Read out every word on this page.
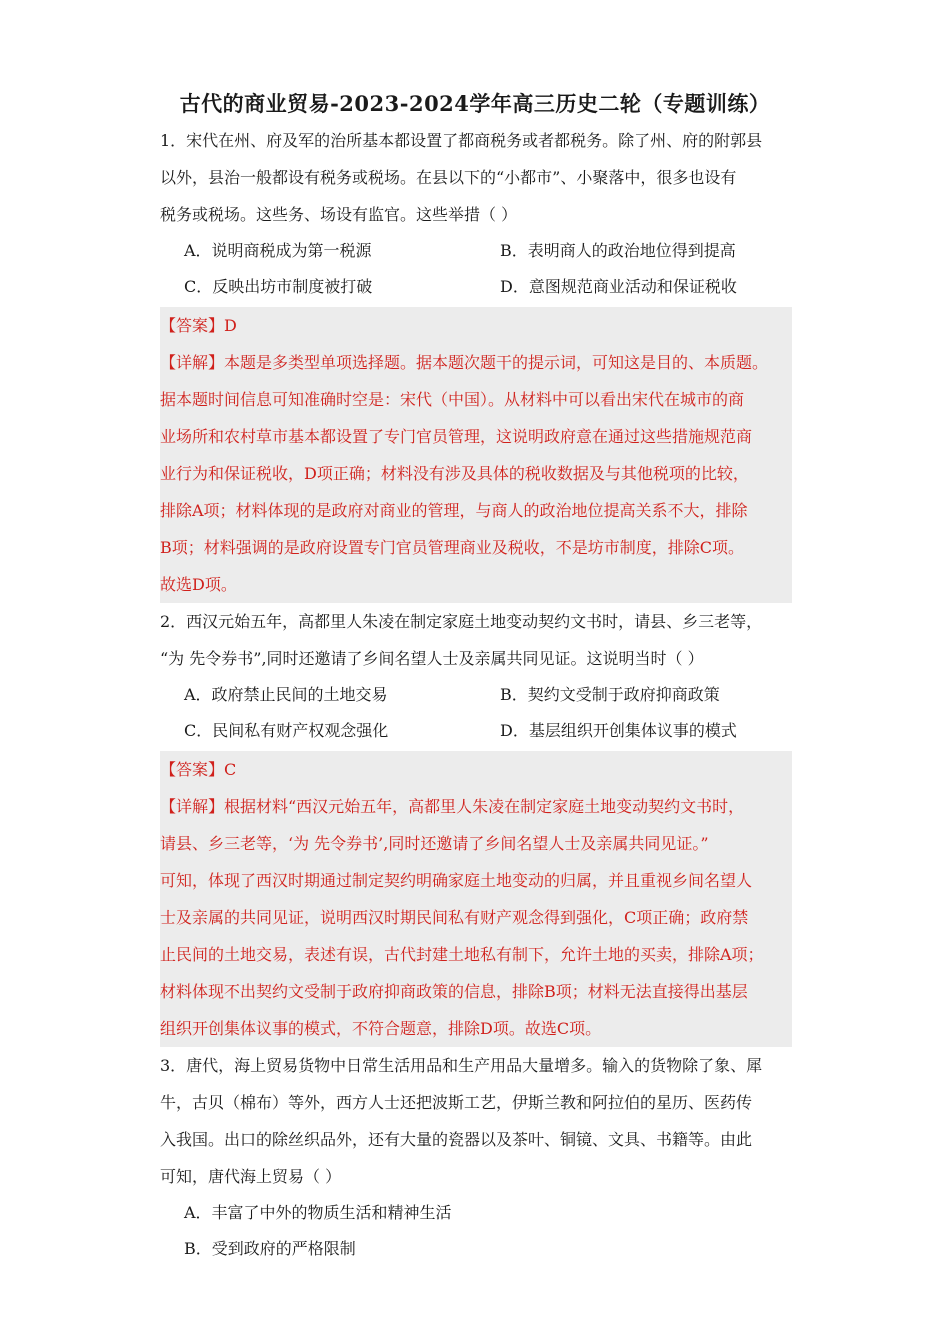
古代的商业贸易-2023-2024学年高三历史二轮（专题训练）
1．宋代在州、府及军的治所基本都设置了都商税务或者都税务。除了州、府的附郭县
以外，县治一般都设有税务或税场。在县以下的“小都市”、小聚落中，很多也设有
税务或税场。这些务、场设有监官。这些举措（ ）
A．说明商税成为第一税源	B．表明商人的政治地位得到提高
C．反映出坊市制度被打破	D．意图规范商业活动和保证税收
【答案】D
【详解】本题是多类型单项选择题。据本题次题干的提示词，可知这是目的、本质题。
据本题时间信息可知准确时空是：宋代（中国）。从材料中可以看出宋代在城市的商
业场所和农村草市基本都设置了专门官员管理，这说明政府意在通过这些措施规范商
业行为和保证税收，D项正确；材料没有涉及具体的税收数据及与其他税项的比较，
排除A项；材料体现的是政府对商业的管理，与商人的政治地位提高关系不大，排除
B项；材料强调的是政府设置专门官员管理商业及税收，不是坊市制度，排除C项。
故选D项。
2．西汉元始五年，高都里人朱凌在制定家庭土地变动契约文书时，请县、乡三老等，
“为 先令券书”,同时还邀请了乡间名望人士及亲属共同见证。这说明当时（ ）
A．政府禁止民间的土地交易	B．契约文受制于政府抑商政策
C．民间私有财产权观念强化	D．基层组织开创集体议事的模式
【答案】C
【详解】根据材料“西汉元始五年，高都里人朱凌在制定家庭土地变动契约文书时，
请县、乡三老等，‘为 先令券书’,同时还邀请了乡间名望人士及亲属共同见证。”
可知，体现了西汉时期通过制定契约明确家庭土地变动的归属，并且重视乡间名望人
士及亲属的共同见证，说明西汉时期民间私有财产观念得到强化，C项正确；政府禁
止民间的土地交易，表述有误，古代封建土地私有制下，允许土地的买卖，排除A项；
材料体现不出契约文受制于政府抑商政策的信息，排除B项；材料无法直接得出基层
组织开创集体议事的模式，不符合题意，排除D项。故选C项。
3．唐代，海上贸易货物中日常生活用品和生产用品大量增多。输入的货物除了象、犀
牛，古贝（棉布）等外，西方人士还把波斯工艺，伊斯兰教和阿拉伯的星历、医药传
入我国。出口的除丝织品外，还有大量的瓷器以及茶叶、铜镜、文具、书籍等。由此
可知，唐代海上贸易（ ）
A．丰富了中外的物质生活和精神生活
B．受到政府的严格限制
